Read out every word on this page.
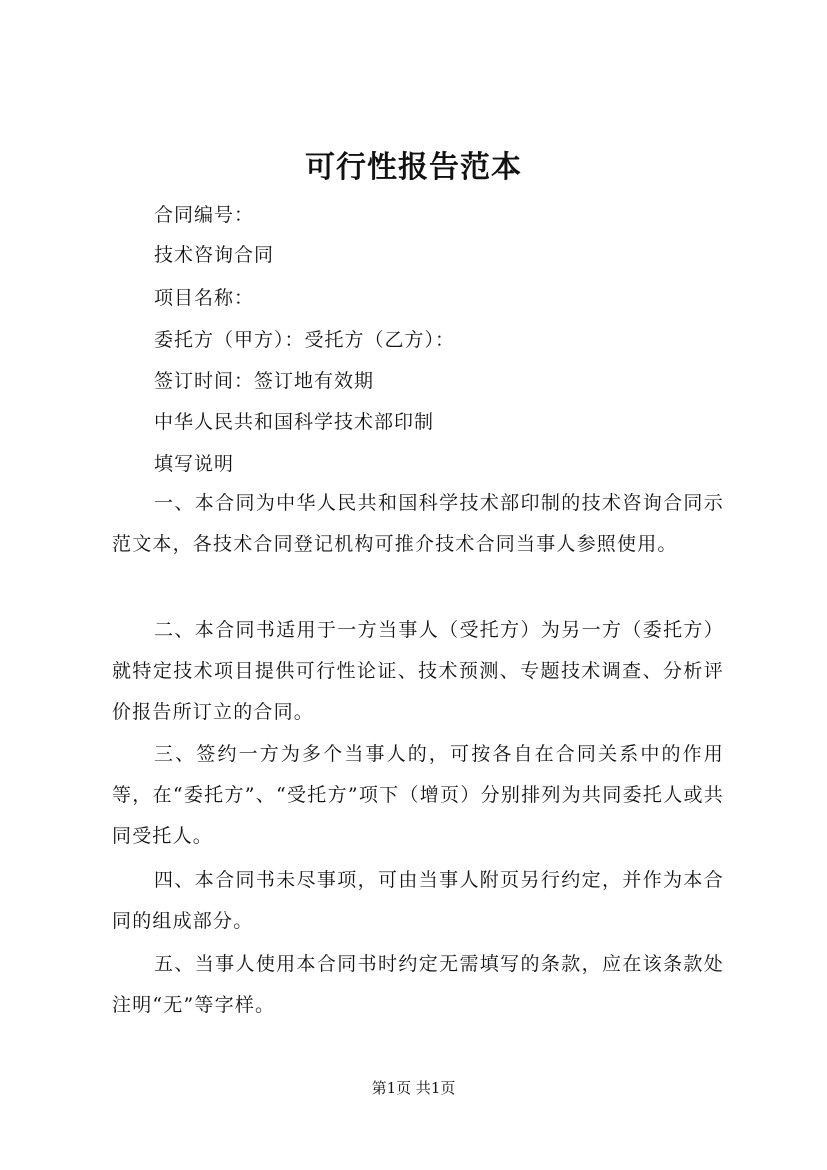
可行性报告范本
合同编号：
技术咨询合同
项目名称：
委托方（甲方）：受托方（乙方）：
签订时间：签订地有效期
中华人民共和国科学技术部印制
填写说明
一、本合同为中华人民共和国科学技术部印制的技术咨询合同示范文本，各技术合同登记机构可推介技术合同当事人参照使用。
二、本合同书适用于一方当事人（受托方）为另一方（委托方）就特定技术项目提供可行性论证、技术预测、专题技术调查、分析评价报告所订立的合同。
三、签约一方为多个当事人的，可按各自在合同关系中的作用等，在“委托方”、“受托方”项下（增页）分别排列为共同委托人或共同受托人。
四、本合同书未尽事项，可由当事人附页另行约定，并作为本合同的组成部分。
五、当事人使用本合同书时约定无需填写的条款，应在该条款处注明“无”等字样。
第1页 共1页
